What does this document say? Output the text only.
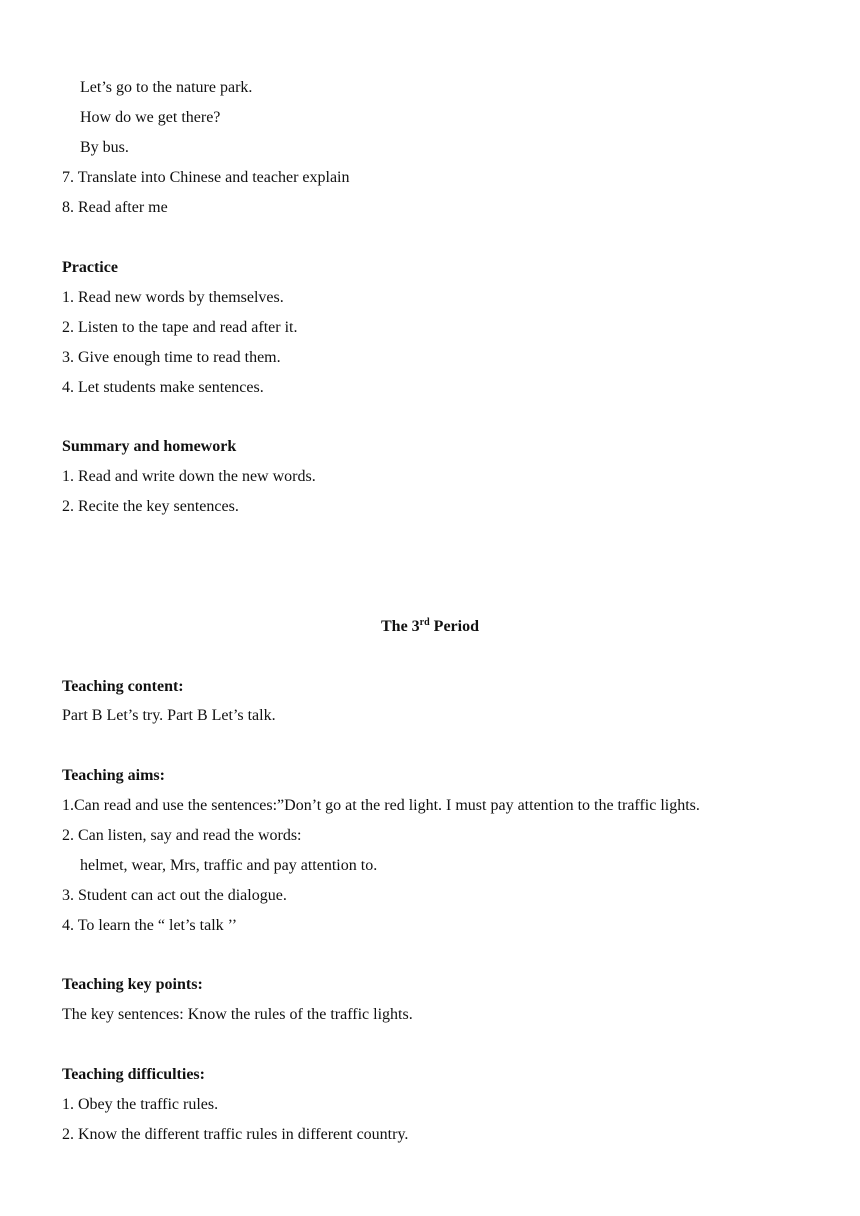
Let’s go to the nature park.
How do we get there?
By bus.
7. Translate into Chinese and teacher explain
8. Read after me
Practice
1. Read new words by themselves.
2. Listen to the tape and read after it.
3. Give enough time to read them.
4. Let students make sentences.
Summary and homework
1. Read and write down the new words.
2. Recite the key sentences.
The 3rd Period
Teaching content:
Part B Let’s try. Part B Let’s talk.
Teaching aims:
1.Can read and use the sentences:”Don’t go at the red light. I must pay attention to the traffic lights.
2. Can listen, say and read the words:
helmet, wear, Mrs, traffic and pay attention to.
3. Student can act out the dialogue.
4. To learn the “ let’s talk ’’
Teaching key points:
The key sentences: Know the rules of the traffic lights.
Teaching difficulties:
1. Obey the traffic rules.
2. Know the different traffic rules in different country.
